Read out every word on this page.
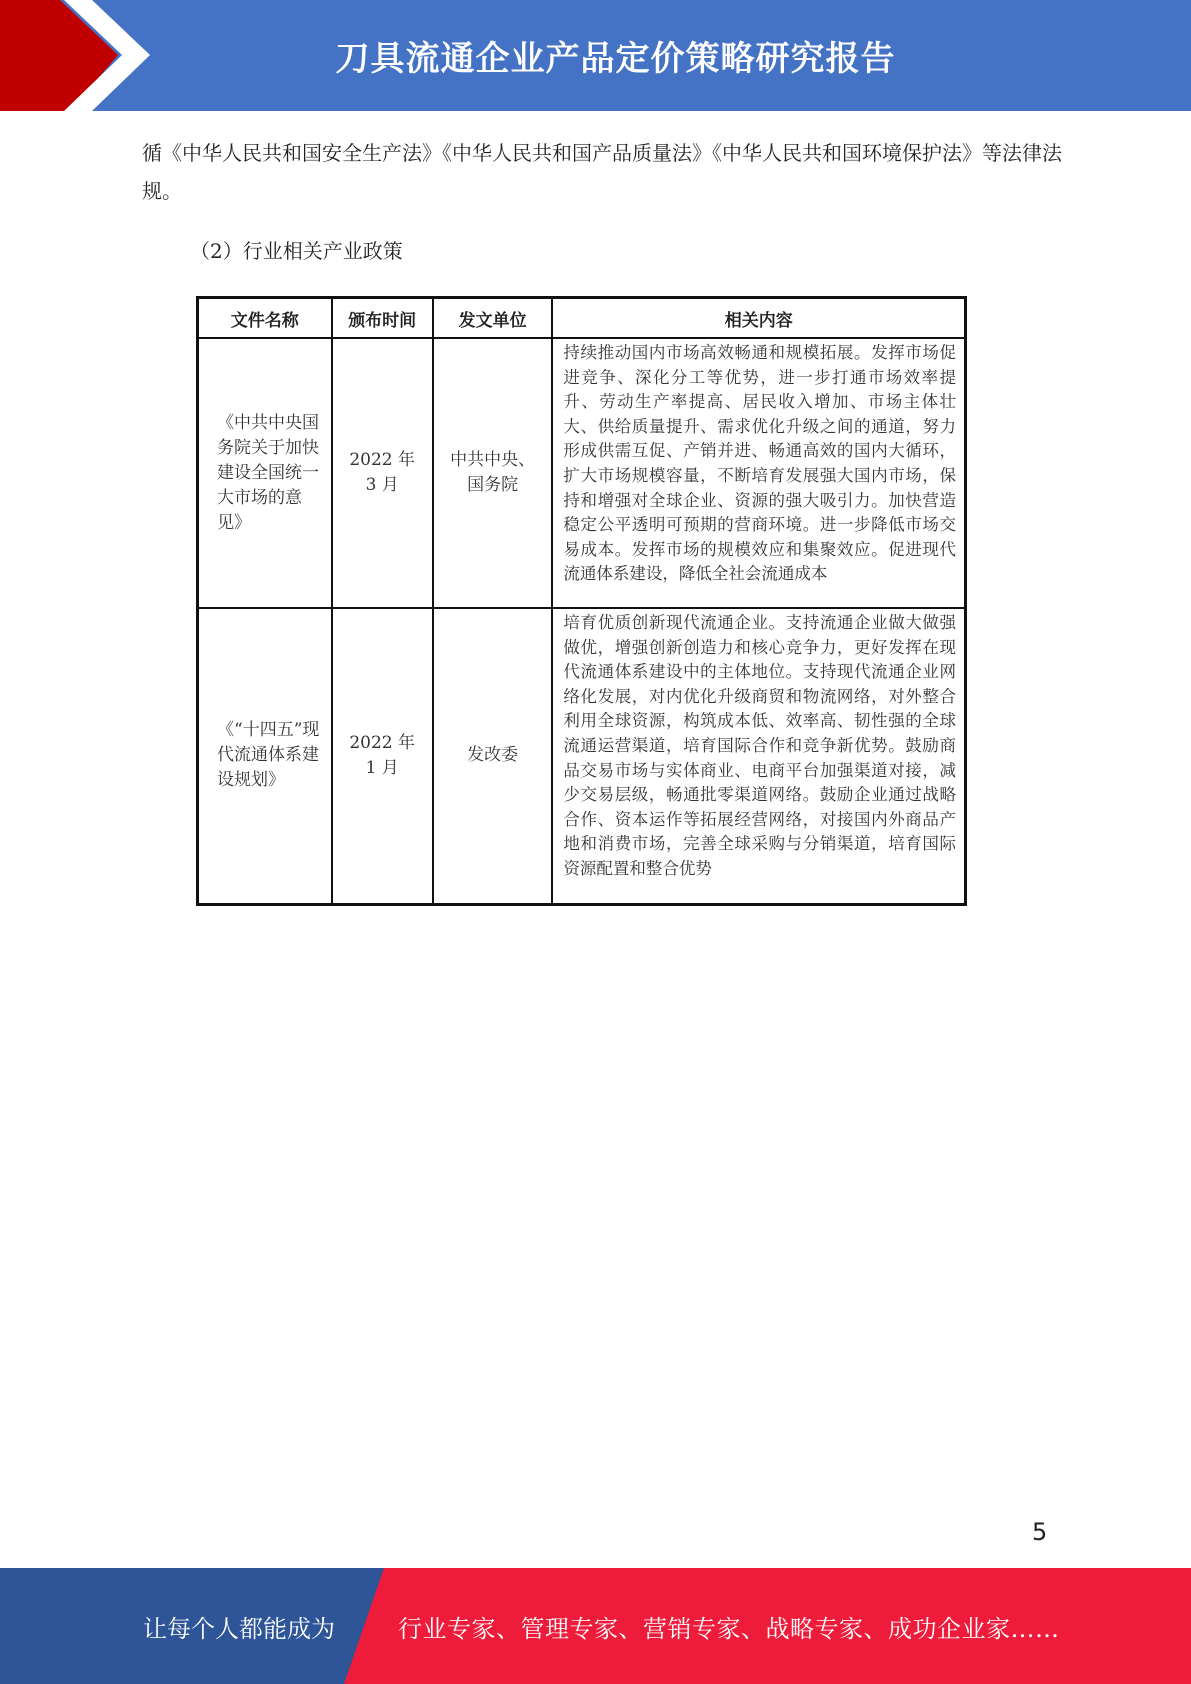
刀具流通企业产品定价策略研究报告
循《中华人民共和国安全生产法》《中华人民共和国产品质量法》《中华人民共和国环境保护法》等法律法规。
（2）行业相关产业政策
文件名称	颁布时间	发文单位	相关内容
《中共中央国务院关于加快建设全国统一大市场的意见》	2022 年3 月	中共中央、国务院	持续推动国内市场高效畅通和规模拓展。发挥市场促进竞争、深化分工等优势，进一步打通市场效率提升、劳动生产率提高、居民收入增加、市场主体壮大、供给质量提升、需求优化升级之间的通道，努力形成供需互促、产销并进、畅通高效的国内大循环，扩大市场规模容量，不断培育发展强大国内市场，保持和增强对全球企业、资源的强大吸引力。加快营造稳定公平透明可预期的营商环境。进一步降低市场交易成本。发挥市场的规模效应和集聚效应。促进现代流通体系建设，降低全社会流通成本
《“十四五”现代流通体系建设规划》	2022 年1 月	发改委	培育优质创新现代流通企业。支持流通企业做大做强做优，增强创新创造力和核心竞争力，更好发挥在现代流通体系建设中的主体地位。支持现代流通企业网络化发展，对内优化升级商贸和物流网络，对外整合利用全球资源，构筑成本低、效率高、韧性强的全球流通运营渠道，培育国际合作和竞争新优势。鼓励商品交易市场与实体商业、电商平台加强渠道对接，减少交易层级，畅通批零渠道网络。鼓励企业通过战略合作、资本运作等拓展经营网络，对接国内外商品产地和消费市场，完善全球采购与分销渠道，培育国际资源配置和整合优势
5
让每个人都能成为	行业专家、管理专家、营销专家、战略专家、成功企业家……
